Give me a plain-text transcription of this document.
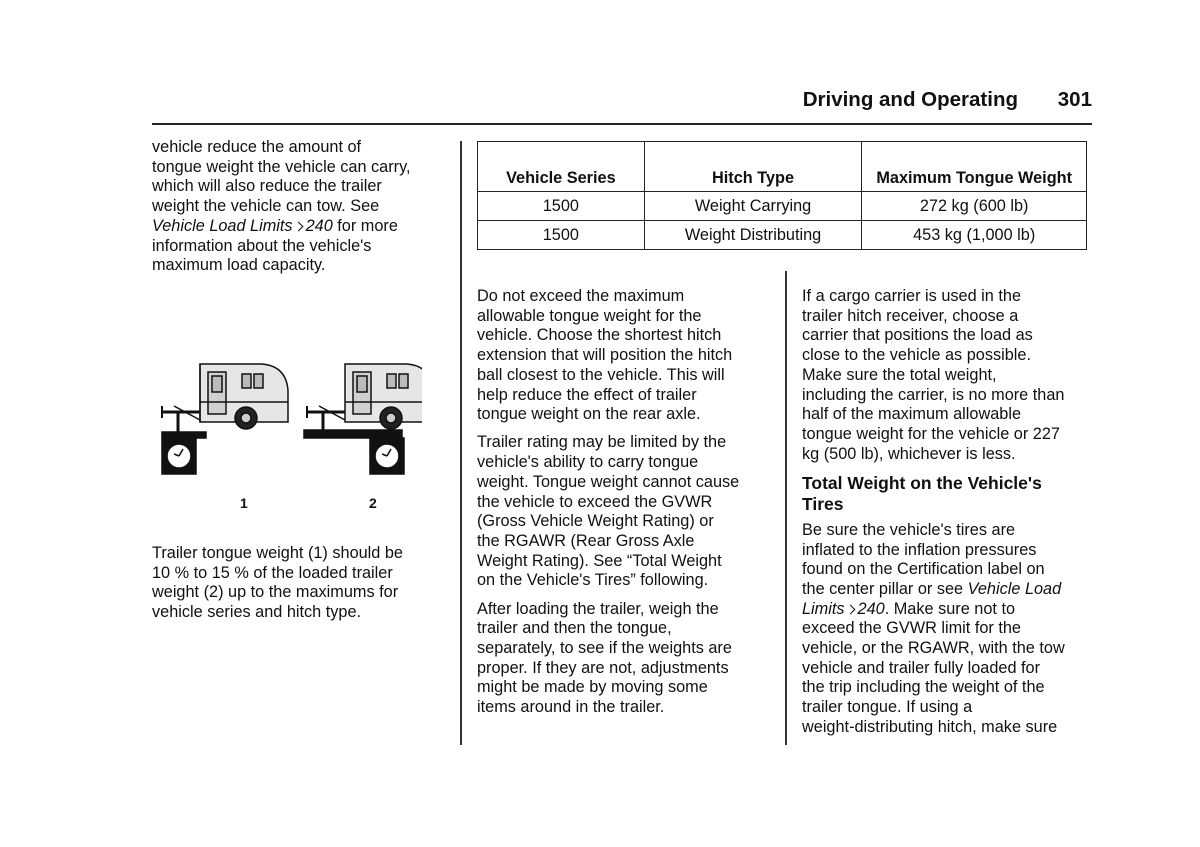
Driving and Operating	301

vehicle reduce the amount of
tongue weight the vehicle can carry,
which will also reduce the trailer
weight the vehicle can tow. See
Vehicle Load Limits 240 for more
information about the vehicle's
maximum load capacity.

1	2

Trailer tongue weight (1) should be
10 % to 15 % of the loaded trailer
weight (2) up to the maximums for
vehicle series and hitch type.

Vehicle Series	Hitch Type	Maximum Tongue Weight
1500	Weight Carrying	272 kg (600 lb)
1500	Weight Distributing	453 kg (1,000 lb)

Do not exceed the maximum
allowable tongue weight for the
vehicle. Choose the shortest hitch
extension that will position the hitch
ball closest to the vehicle. This will
help reduce the effect of trailer
tongue weight on the rear axle.

Trailer rating may be limited by the
vehicle's ability to carry tongue
weight. Tongue weight cannot cause
the vehicle to exceed the GVWR
(Gross Vehicle Weight Rating) or
the RGAWR (Rear Gross Axle
Weight Rating). See “Total Weight
on the Vehicle's Tires” following.

After loading the trailer, weigh the
trailer and then the tongue,
separately, to see if the weights are
proper. If they are not, adjustments
might be made by moving some
items around in the trailer.

If a cargo carrier is used in the
trailer hitch receiver, choose a
carrier that positions the load as
close to the vehicle as possible.
Make sure the total weight,
including the carrier, is no more than
half of the maximum allowable
tongue weight for the vehicle or 227
kg (500 lb), whichever is less.

Total Weight on the Vehicle's
Tires

Be sure the vehicle's tires are
inflated to the inflation pressures
found on the Certification label on
the center pillar or see Vehicle Load
Limits 240. Make sure not to
exceed the GVWR limit for the
vehicle, or the RGAWR, with the tow
vehicle and trailer fully loaded for
the trip including the weight of the
trailer tongue. If using a
weight-distributing hitch, make sure
